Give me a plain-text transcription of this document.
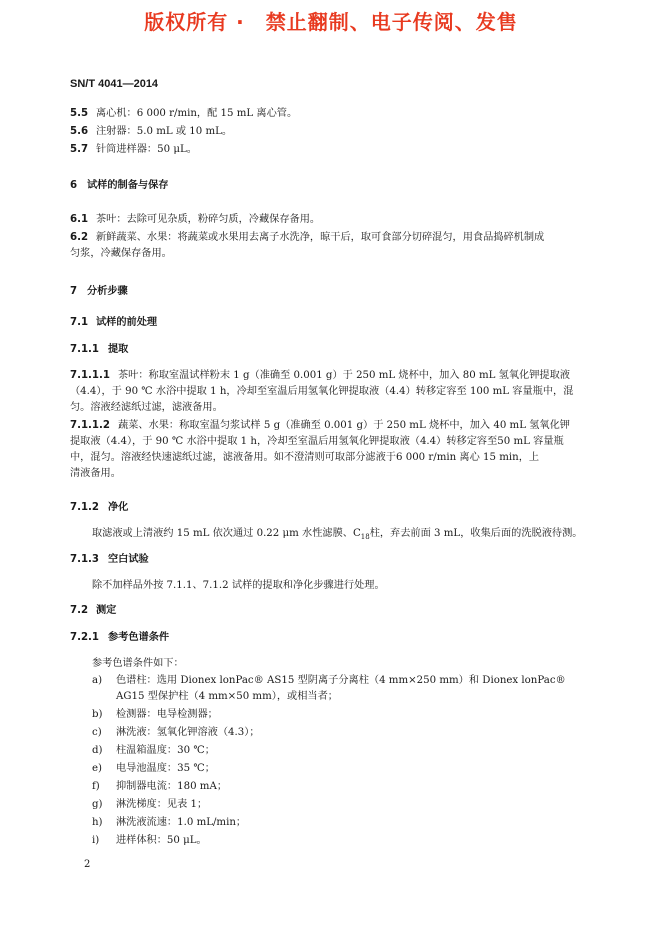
版权所有 ·　禁止翻制、电子传阅、发售
SN/T 4041—2014
5.5 离心机：6 000 r/min，配 15 mL 离心管。
5.6 注射器：5.0 mL 或 10 mL。
5.7 针筒进样器：50 μL。
6 试样的制备与保存
6.1 茶叶：去除可见杂质，粉碎匀质，冷藏保存备用。
6.2 新鲜蔬菜、水果：将蔬菜或水果用去离子水洗净，晾干后，取可食部分切碎混匀，用食品捣碎机制成
匀浆，冷藏保存备用。
7 分析步骤
7.1 试样的前处理
7.1.1 提取
7.1.1.1 茶叶：称取室温试样粉末 1 g（准确至 0.001 g）于 250 mL 烧杯中，加入 80 mL 氢氧化钾提取液
（4.4），于 90 ℃ 水浴中提取 1 h，冷却至室温后用氢氧化钾提取液（4.4）转移定容至 100 mL 容量瓶中，混
匀。溶液经滤纸过滤，滤液备用。
7.1.1.2 蔬菜、水果：称取室温匀浆试样 5 g（准确至 0.001 g）于 250 mL 烧杯中，加入 40 mL 氢氧化钾
提取液（4.4），于 90 ℃ 水浴中提取 1 h，冷却至室温后用氢氧化钾提取液（4.4）转移定容至50 mL 容量瓶
中，混匀。溶液经快速滤纸过滤，滤液备用。如不澄清则可取部分滤液于6 000 r/min 离心 15 min，上
清液备用。
7.1.2 净化
取滤液或上清液约 15 mL 依次通过 0.22 μm 水性滤膜、$C_{18}$柱，弃去前面 3 mL，收集后面的洗脱液待测。
7.1.3 空白试验
除不加样品外按 7.1.1、7.1.2 试样的提取和净化步骤进行处理。
7.2 测定
7.2.1 参考色谱条件
参考色谱条件如下：
a) 色谱柱：选用 Dionex lonPac® AS15 型阴离子分离柱（4 mm×250 mm）和 Dionex lonPac®
AG15 型保护柱（4 mm×50 mm），或相当者；
b) 检测器：电导检测器；
c) 淋洗液：氢氧化钾溶液（4.3）；
d) 柱温箱温度：30 ℃；
e) 电导池温度：35 ℃；
f) 抑制器电流：180 mA；
g) 淋洗梯度：见表 1；
h) 淋洗液流速：1.0 mL/min；
i) 进样体积：50 μL。
2
